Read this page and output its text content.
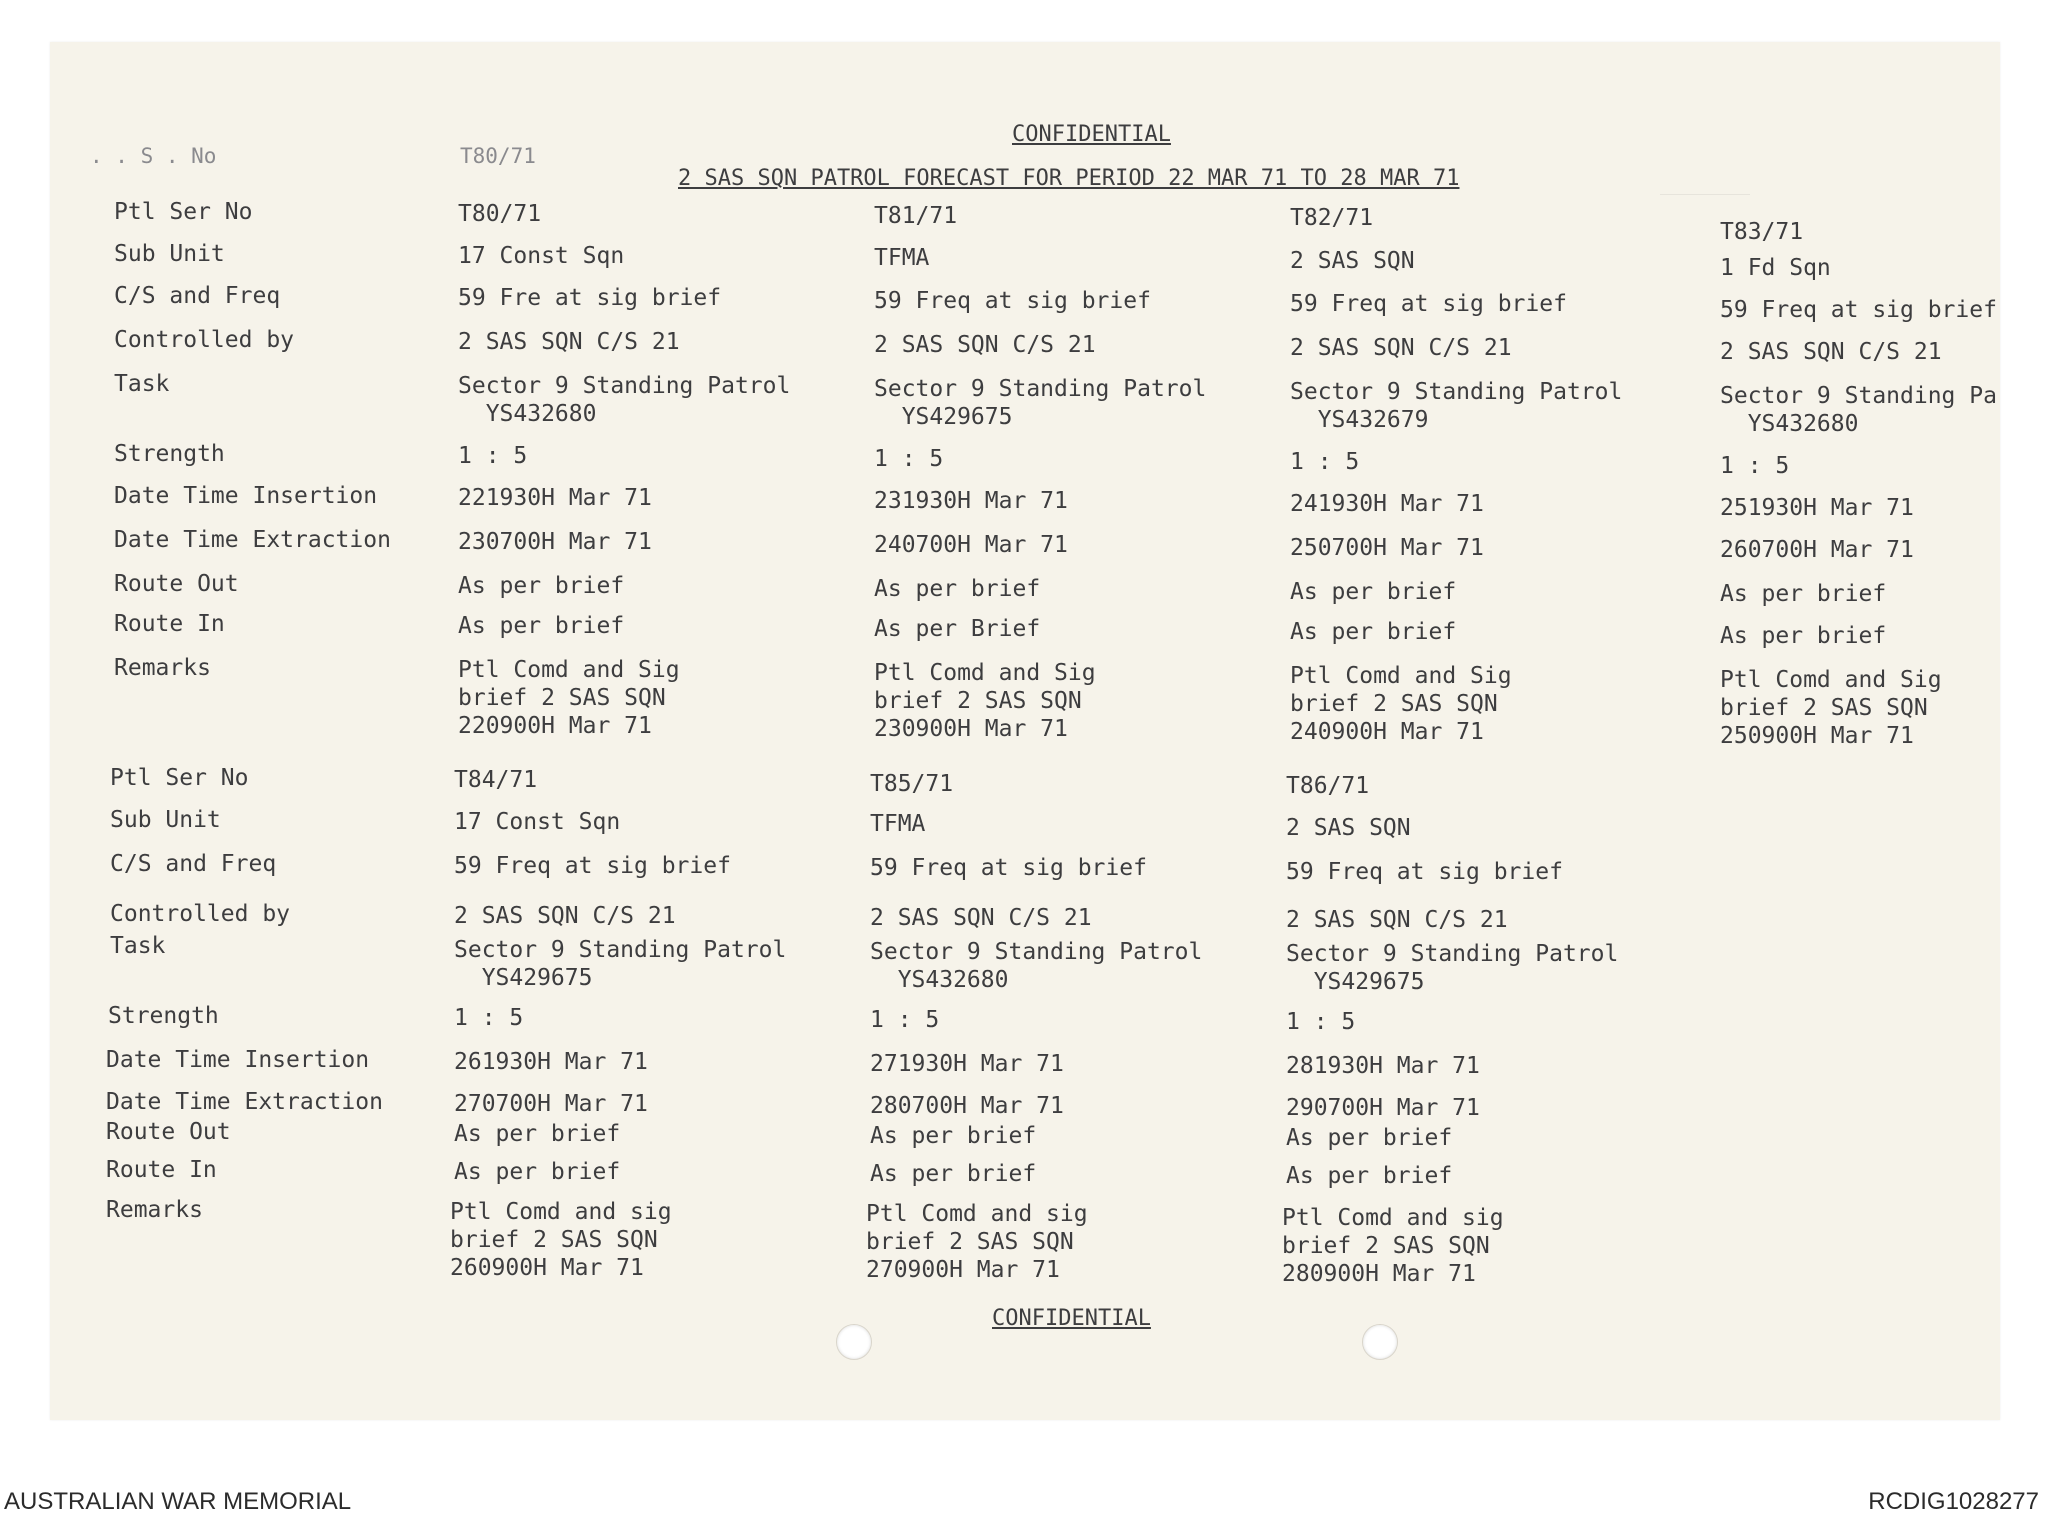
CONFIDENTIAL
2 SAS SQN PATROL FORECAST FOR PERIOD 22 MAR 71 TO 28 MAR 71
. . S . No	T80/71
Ptl Ser No
Sub Unit
C/S and Freq
Controlled by
Task
Strength
Date Time Insertion
Date Time Extraction
Route Out
Route In
Remarks
T80/71
17 Const Sqn
59 Fre at sig brief
2 SAS SQN C/S 21
Sector 9 Standing Patrol
YS432680
1 : 5
221930H Mar 71
230700H Mar 71
As per brief
As per brief
Ptl Comd and Sig
brief 2 SAS SQN
220900H Mar 71
T81/71
TFMA
59 Freq at sig brief
2 SAS SQN C/S 21
Sector 9 Standing Patrol
YS429675
1 : 5
231930H Mar 71
240700H Mar 71
As per brief
As per Brief
Ptl Comd and Sig
brief 2 SAS SQN
230900H Mar 71
T82/71
2 SAS SQN
59 Freq at sig brief
2 SAS SQN C/S 21
Sector 9 Standing Patrol
YS432679
1 : 5
241930H Mar 71
250700H Mar 71
As per brief
As per brief
Ptl Comd and Sig
brief 2 SAS SQN
240900H Mar 71
T83/71
1 Fd Sqn
59 Freq at sig brief
2 SAS SQN C/S 21
Sector 9 Standing Pa
YS432680
1 : 5
251930H Mar 71
260700H Mar 71
As per brief
As per brief
Ptl Comd and Sig
brief 2 SAS SQN
250900H Mar 71
Ptl Ser No
Sub Unit
C/S and Freq
Controlled by
Task
Strength
Date Time Insertion
Date Time Extraction
Route Out
Route In
Remarks
T84/71
17 Const Sqn
59 Freq at sig brief
2 SAS SQN C/S 21
Sector 9 Standing Patrol
YS429675
1 : 5
261930H Mar 71
270700H Mar 71
As per brief
As per brief
Ptl Comd and sig
brief 2 SAS SQN
260900H Mar 71
T85/71
TFMA
59 Freq at sig brief
2 SAS SQN C/S 21
Sector 9 Standing Patrol
YS432680
1 : 5
271930H Mar 71
280700H Mar 71
As per brief
As per brief
Ptl Comd and sig
brief 2 SAS SQN
270900H Mar 71
T86/71
2 SAS SQN
59 Freq at sig brief
2 SAS SQN C/S 21
Sector 9 Standing Patrol
YS429675
1 : 5
281930H Mar 71
290700H Mar 71
As per brief
As per brief
Ptl Comd and sig
brief 2 SAS SQN
280900H Mar 71
CONFIDENTIAL
AUSTRALIAN WAR MEMORIAL	RCDIG1028277
